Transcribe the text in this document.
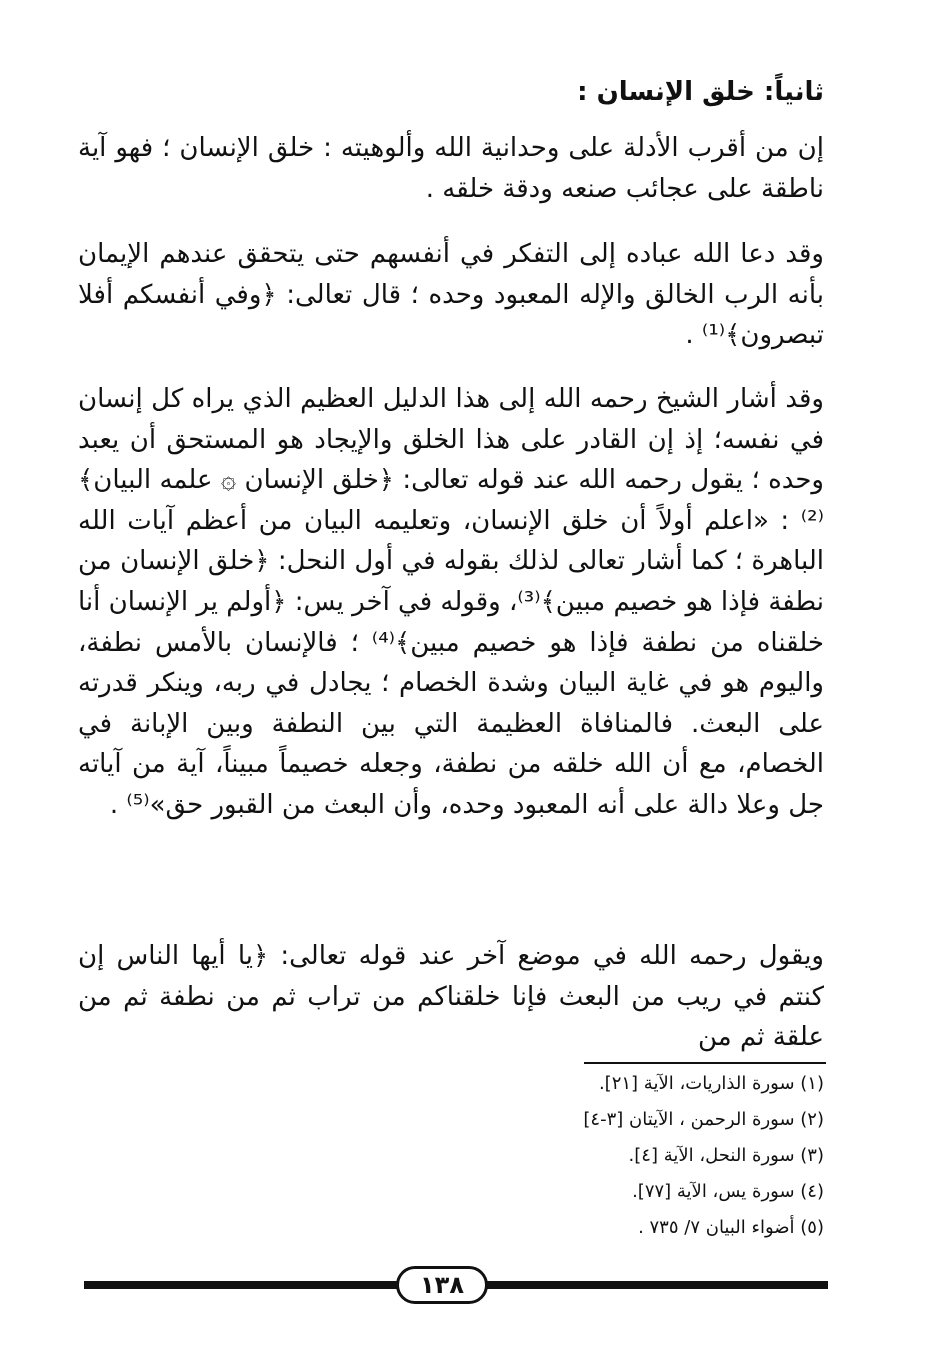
ثانياً: خلق الإنسان :

إن من أقرب الأدلة على وحدانية الله وألوهيته : خلق الإنسان ؛ فهو آية ناطقة على عجائب صنعه ودقة خلقه .

وقد دعا الله عباده إلى التفكر في أنفسهم حتى يتحقق عندهم الإيمان بأنه الرب الخالق والإله المعبود وحده ؛ قال تعالى: ﴿وفي أنفسكم أفلا تبصرون﴾⁽¹⁾ .

وقد أشار الشيخ رحمه الله إلى هذا الدليل العظيم الذي يراه كل إنسان في نفسه؛ إذ إن القادر على هذا الخلق والإيجاد هو المستحق أن يعبد وحده ؛ يقول رحمه الله عند قوله تعالى: ﴿خلق الإنسان ۞ علمه البيان﴾⁽²⁾ : «اعلم أولاً أن خلق الإنسان، وتعليمه البيان من أعظم آيات الله الباهرة ؛ كما أشار تعالى لذلك بقوله في أول النحل: ﴿خلق الإنسان من نطفة فإذا هو خصيم مبين﴾⁽³⁾، وقوله في آخر يس: ﴿أولم ير الإنسان أنا خلقناه من نطفة فإذا هو خصيم مبين﴾⁽⁴⁾ ؛ فالإنسان بالأمس نطفة، واليوم هو في غاية البيان وشدة الخصام ؛ يجادل في ربه، وينكر قدرته على البعث. فالمنافاة العظيمة التي بين النطفة وبين الإبانة في الخصام، مع أن الله خلقه من نطفة، وجعله خصيماً مبيناً، آية من آياته جل وعلا دالة على أنه المعبود وحده، وأن البعث من القبور حق»⁽⁵⁾ .

ويقول رحمه الله في موضع آخر عند قوله تعالى: ﴿يا أيها الناس إن كنتم في ريب من البعث فإنا خلقناكم من تراب ثم من نطفة ثم من علقة ثم من

(١) سورة الذاريات، الآية [٢١].
(٢) سورة الرحمن ، الآيتان [٣-٤]
(٣) سورة النحل، الآية [٤].
(٤) سورة يس، الآية [٧٧].
(٥) أضواء البيان ٧/ ٧٣٥ .
١٣٨
